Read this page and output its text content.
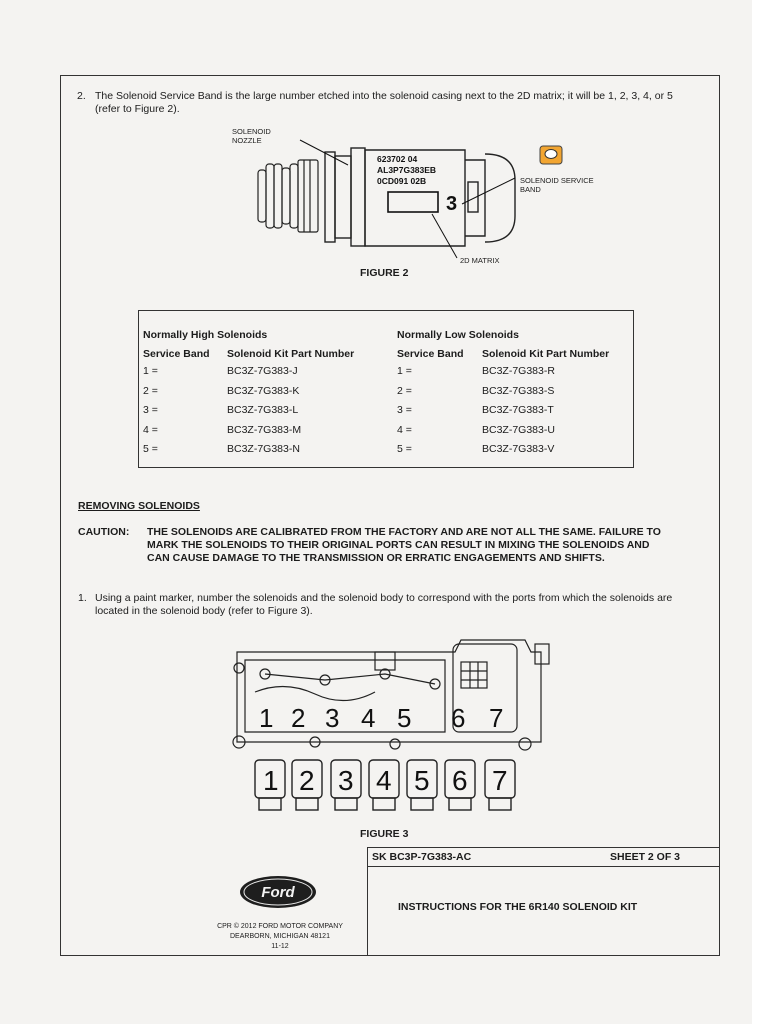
2. The Solenoid Service Band is the large number etched into the solenoid casing next to the 2D matrix; it will be 1, 2, 3, 4, or 5 (refer to Figure 2).
623702 04
AL3P7G383EB
0CD091 02B
3
SOLENOID NOZZLE
SOLENOID SERVICE BAND
2D MATRIX
FIGURE 2
Normally High Solenoids
Service Band Solenoid Kit Part Number
Normally Low Solenoids
Service Band Solenoid Kit Part Number
1 =
2 =
3 =
4 =
5 =
BC3Z-7G383-J
BC3Z-7G383-K
BC3Z-7G383-L
BC3Z-7G383-M
BC3Z-7G383-N
1 =
2 =
3 =
4 =
5 =
BC3Z-7G383-R
BC3Z-7G383-S
BC3Z-7G383-T
BC3Z-7G383-U
BC3Z-7G383-V
REMOVING SOLENOIDS
CAUTION: THE SOLENOIDS ARE CALIBRATED FROM THE FACTORY AND ARE NOT ALL THE SAME. FAILURE TO MARK THE SOLENOIDS TO THEIR ORIGINAL PORTS CAN RESULT IN MIXING THE SOLENOIDS AND CAN CAUSE DAMAGE TO THE TRANSMISSION OR ERRATIC ENGAGEMENTS AND SHIFTS.
1. Using a paint marker, number the solenoids and the solenoid body to correspond with the ports from which the solenoids are located in the solenoid body (refer to Figure 3).
1 2 3 4 5 6 7
1 2 3 4 5 6 7
FIGURE 3
SK BC3P-7G383-AC	SHEET 2 OF 3
INSTRUCTIONS FOR THE 6R140 SOLENOID KIT
Ford
CPR © 2012 FORD MOTOR COMPANY
DEARBORN, MICHIGAN 48121
11-12
